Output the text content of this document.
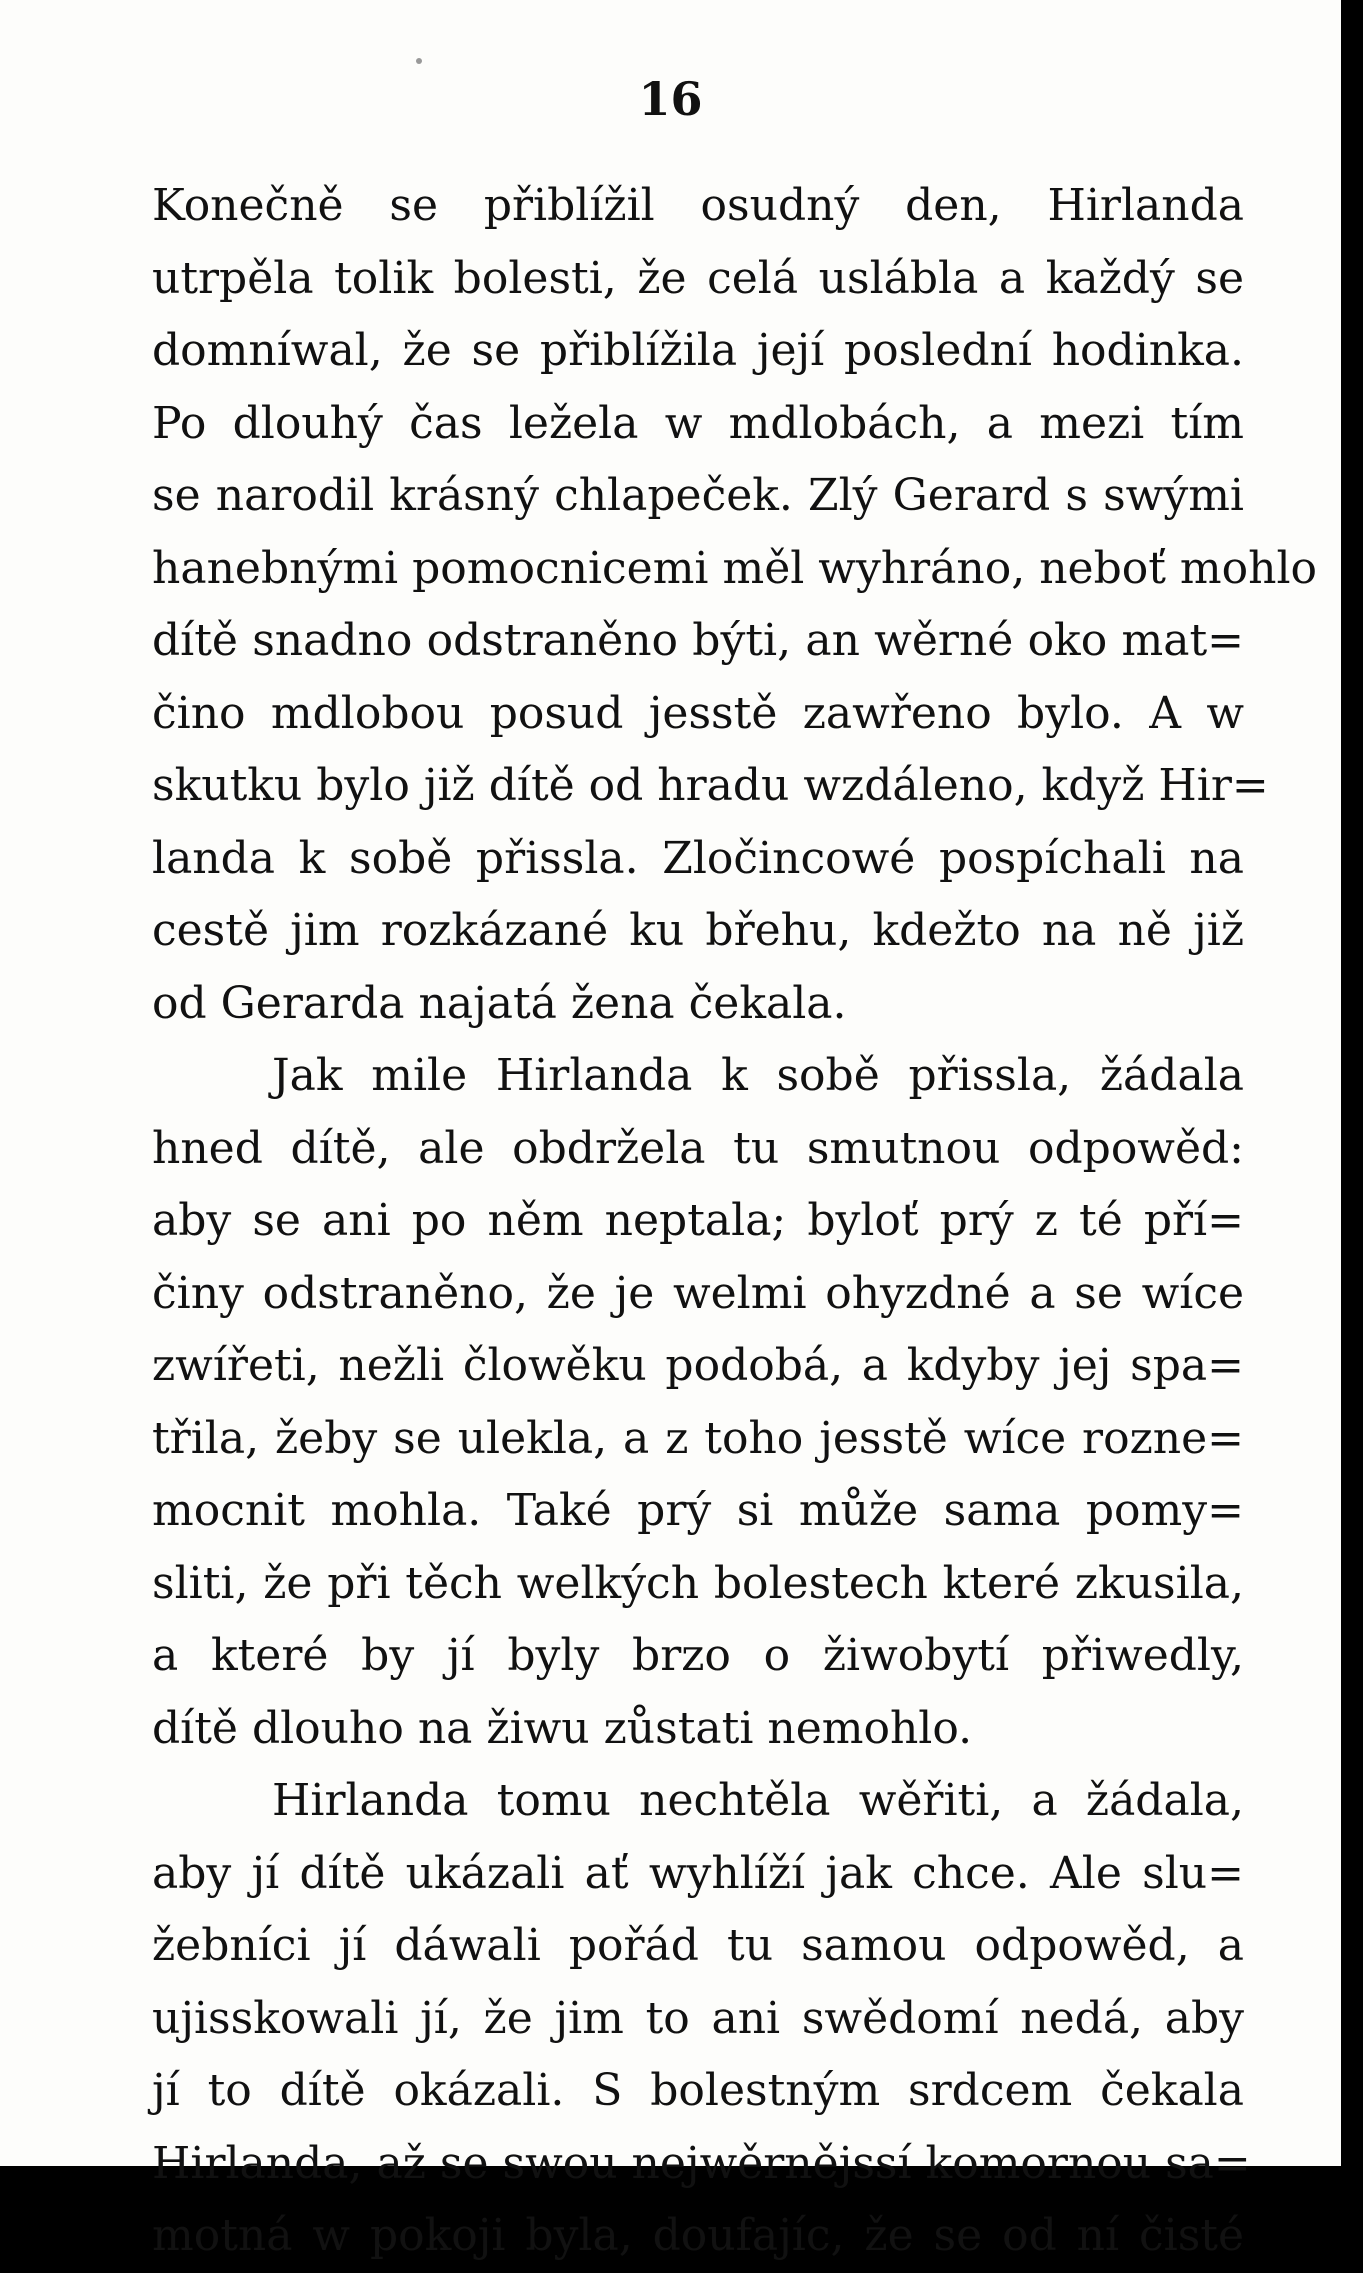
16
Konečně se přiblížil osudný den, Hirlanda
utrpěla tolik bolesti, že celá uslábla a každý se
domníwal, že se přiblížila její poslední hodinka.
Po dlouhý čas ležela w mdlobách, a mezi tím
se narodil krásný chlapeček. Zlý Gerard s swými
hanebnými pomocnicemi měl wyhráno, neboť mohlo
dítě snadno odstraněno býti, an wěrné oko mat=
čino mdlobou posud jesstě zawřeno bylo. A w
skutku bylo již dítě od hradu wzdáleno, když Hir=
landa k sobě přissla. Zločincowé pospíchali na
cestě jim rozkázané ku břehu, kdežto na ně již
od Gerarda najatá žena čekala.
Jak mile Hirlanda k sobě přissla, žádala
hned dítě, ale obdržela tu smutnou odpowěd:
aby se ani po něm neptala; byloť prý z té pří=
činy odstraněno, že je welmi ohyzdné a se wíce
zwířeti, nežli člowěku podobá, a kdyby jej spa=
třila, žeby se ulekla, a z toho jesstě wíce rozne=
mocnit mohla. Také prý si může sama pomy=
sliti, že při těch welkých bolestech které zkusila,
a které by jí byly brzo o žiwobytí přiwedly,
dítě dlouho na žiwu zůstati nemohlo.
Hirlanda tomu nechtěla wěřiti, a žádala,
aby jí dítě ukázali ať wyhlíží jak chce. Ale slu=
žebníci jí dáwali pořád tu samou odpowěd, a
ujisskowali jí, že jim to ani swědomí nedá, aby
jí to dítě okázali. S bolestným srdcem čekala
Hirlanda, až se swou nejwěrnějssí komornou sa=
motná w pokoji byla, doufajíc, že se od ní čisté
